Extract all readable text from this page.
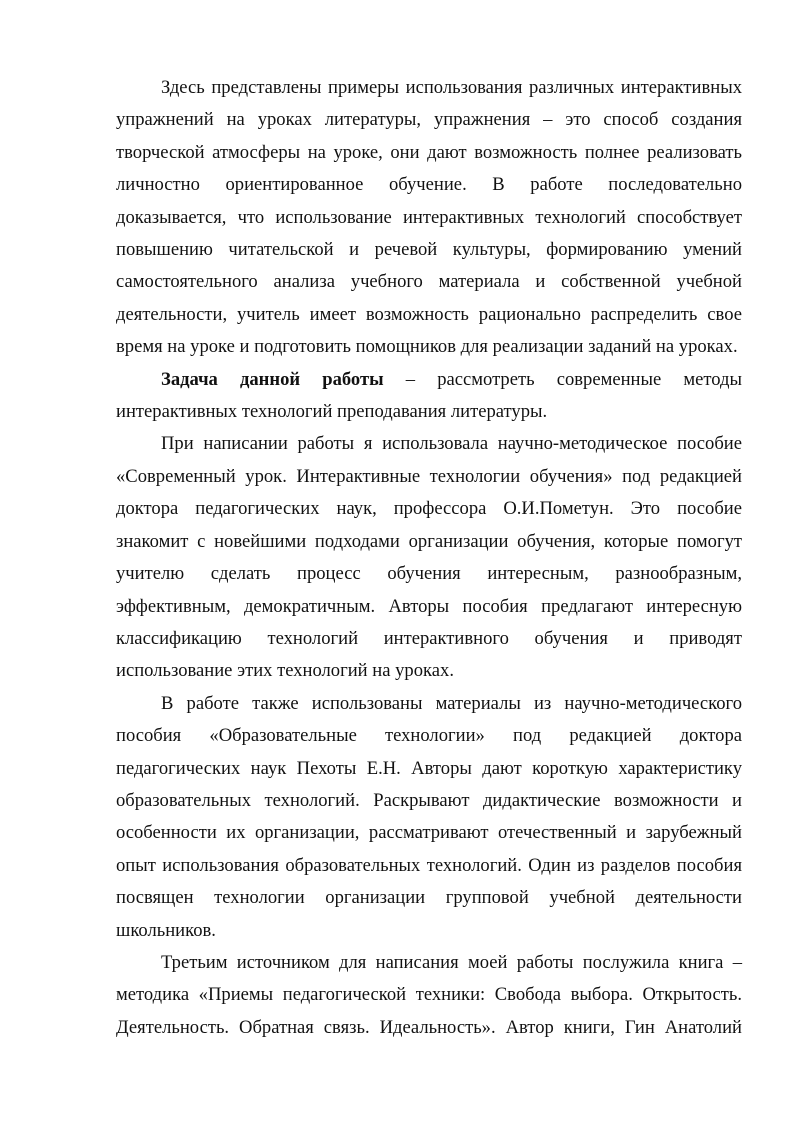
Здесь представлены примеры использования различных интерактивных упражнений на уроках литературы, упражнения – это способ создания творческой атмосферы на уроке, они дают возможность полнее реализовать личностно ориентированное обучение. В работе последовательно доказывается, что использование интерактивных технологий способствует повышению читательской и речевой культуры, формированию умений самостоятельного анализа учебного материала и собственной учебной деятельности, учитель имеет возможность рационально распределить свое время на уроке и подготовить помощников для реализации заданий на уроках.

Задача данной работы – рассмотреть современные методы интерактивных технологий преподавания литературы.

При написании работы я использовала научно-методическое пособие «Современный урок. Интерактивные технологии обучения» под редакцией доктора педагогических наук, профессора О.И.Пометун. Это пособие знакомит с новейшими подходами организации обучения, которые помогут учителю сделать процесс обучения интересным, разнообразным, эффективным, демократичным. Авторы пособия предлагают интересную классификацию технологий интерактивного обучения и приводят использование этих технологий на уроках.

В работе также использованы материалы из научно-методического пособия «Образовательные технологии» под редакцией доктора педагогических наук Пехоты Е.Н. Авторы дают короткую характеристику образовательных технологий. Раскрывают дидактические возможности и особенности их организации, рассматривают отечественный и зарубежный опыт использования образовательных технологий. Один из разделов пособия посвящен технологии организации групповой учебной деятельности школьников.

Третьим источником для написания моей работы послужила книга – методика «Приемы педагогической техники: Свобода выбора. Открытость. Деятельность. Обратная связь. Идеальность». Автор книги, Гин Анатолий
